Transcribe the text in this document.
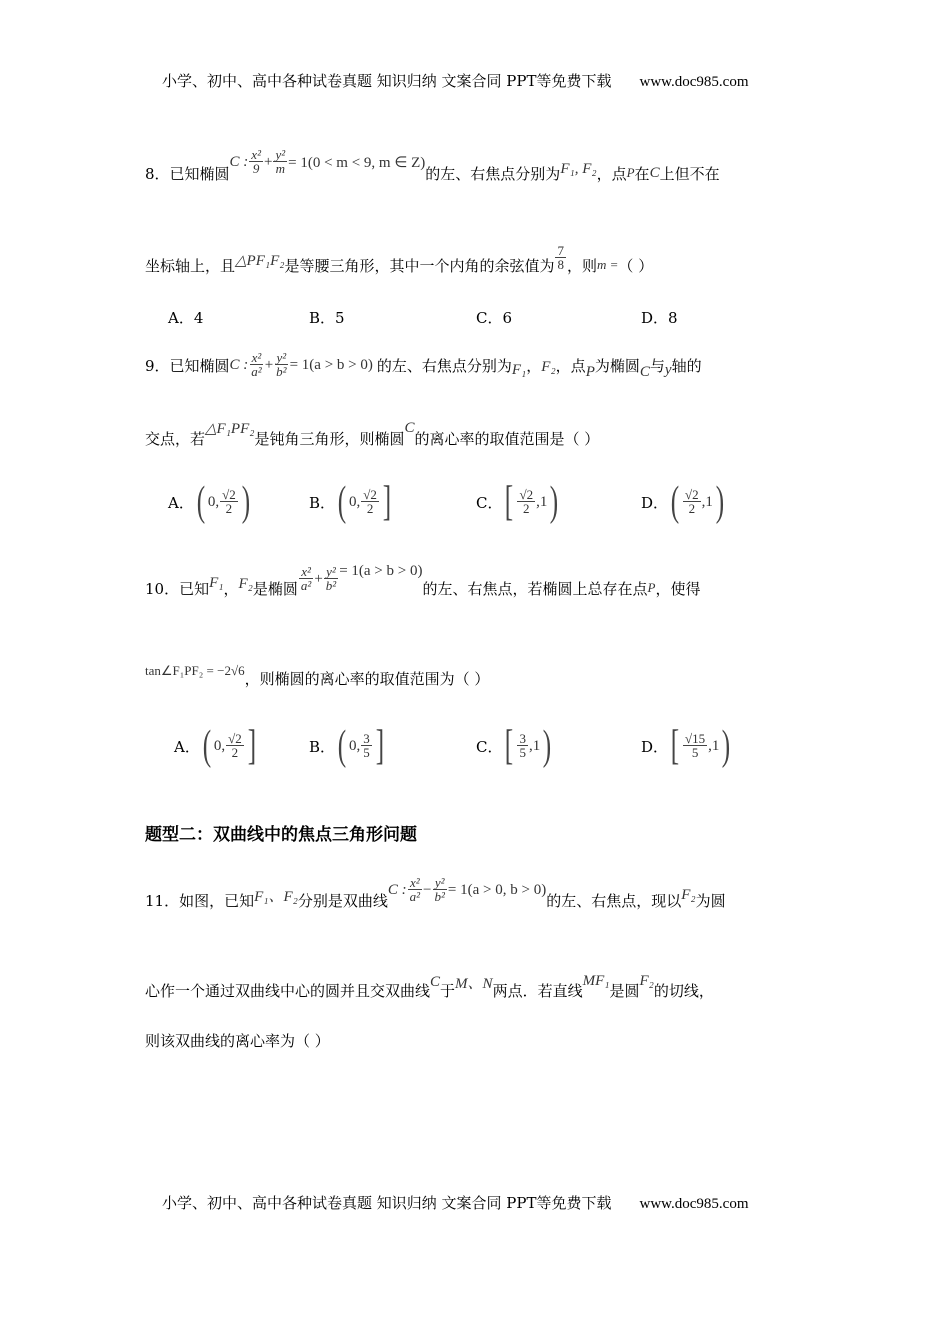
小学、初中、高中各种试卷真题 知识归纳 文案合同 PPT等免费下载 www.doc985.com
8．已知椭圆
C : $\frac{\text{x²}}{9} + \frac{\text{y²}}{m} = 1(0 < m < 9$, m ∈ Z)
的左、右焦点分别为 F₁, F₂ ，点 P 在 C 上但不在
坐标轴上，且 △PF₁F₂ 是等腰三角形，其中一个内角的余弦值为 $\frac{7}{8}$ ，则 m = （ ）
A．4	B．5	C．6	D．8
9．已知椭圆 C : $\frac{\text{x²}}{\text{a²}} + \frac{\text{y²}}{\text{b²}} = 1(a > b > 0)$ 的左、右焦点分别为 F₁ ， F₂ ，点 P 为椭圆 C 与 y 轴的
交点，若
△F₁PF₂
是钝角三角形，则椭圆
C
的离心率的取值范围是（ ）
A． ( 0, $\frac{√2}{2}$ )	B． ( 0, $\frac{√2}{2}$ ]	C． [ $\frac{√2}{2} ,1$ )	D． ( $\frac{√2}{2} ,1$ )
10．已知 F₁ ， F₂ 是椭圆 $\frac{\text{x²}}{\text{a²}} + \frac{\text{y²}}{\text{b²}} = 1(a > b > 0)$
的左、右焦点，若椭圆上总存在点 P ，使得
tan∠F₁PF₂ = −2√6 ，则椭圆的离心率的取值范围为（ ）
A． ( 0, $\frac{√2}{2}$ ]	B． ( 0, $\frac{3}{5}$ ]	C． [ $\frac{3}{5} ,1$ )	D． [ $\frac{√15}{5} ,1$ )
题型二：双曲线中的焦点三角形问题
11．如图，已知 F₁、F₂ 分别是双曲线
C : $\frac{\text{x²}}{\text{a²}} - \frac{\text{y²}}{\text{b²}} = 1(a > 0$, b > 0)
的左、右焦点，现以 F₂ 为圆
心作一个通过双曲线中心的圆并且交双曲线 C 于 M、N 两点．若直线
MF₁
是圆
F₂
的切线，
则该双曲线的离心率为（ ）
小学、初中、高中各种试卷真题 知识归纳 文案合同 PPT等免费下载 www.doc985.com
